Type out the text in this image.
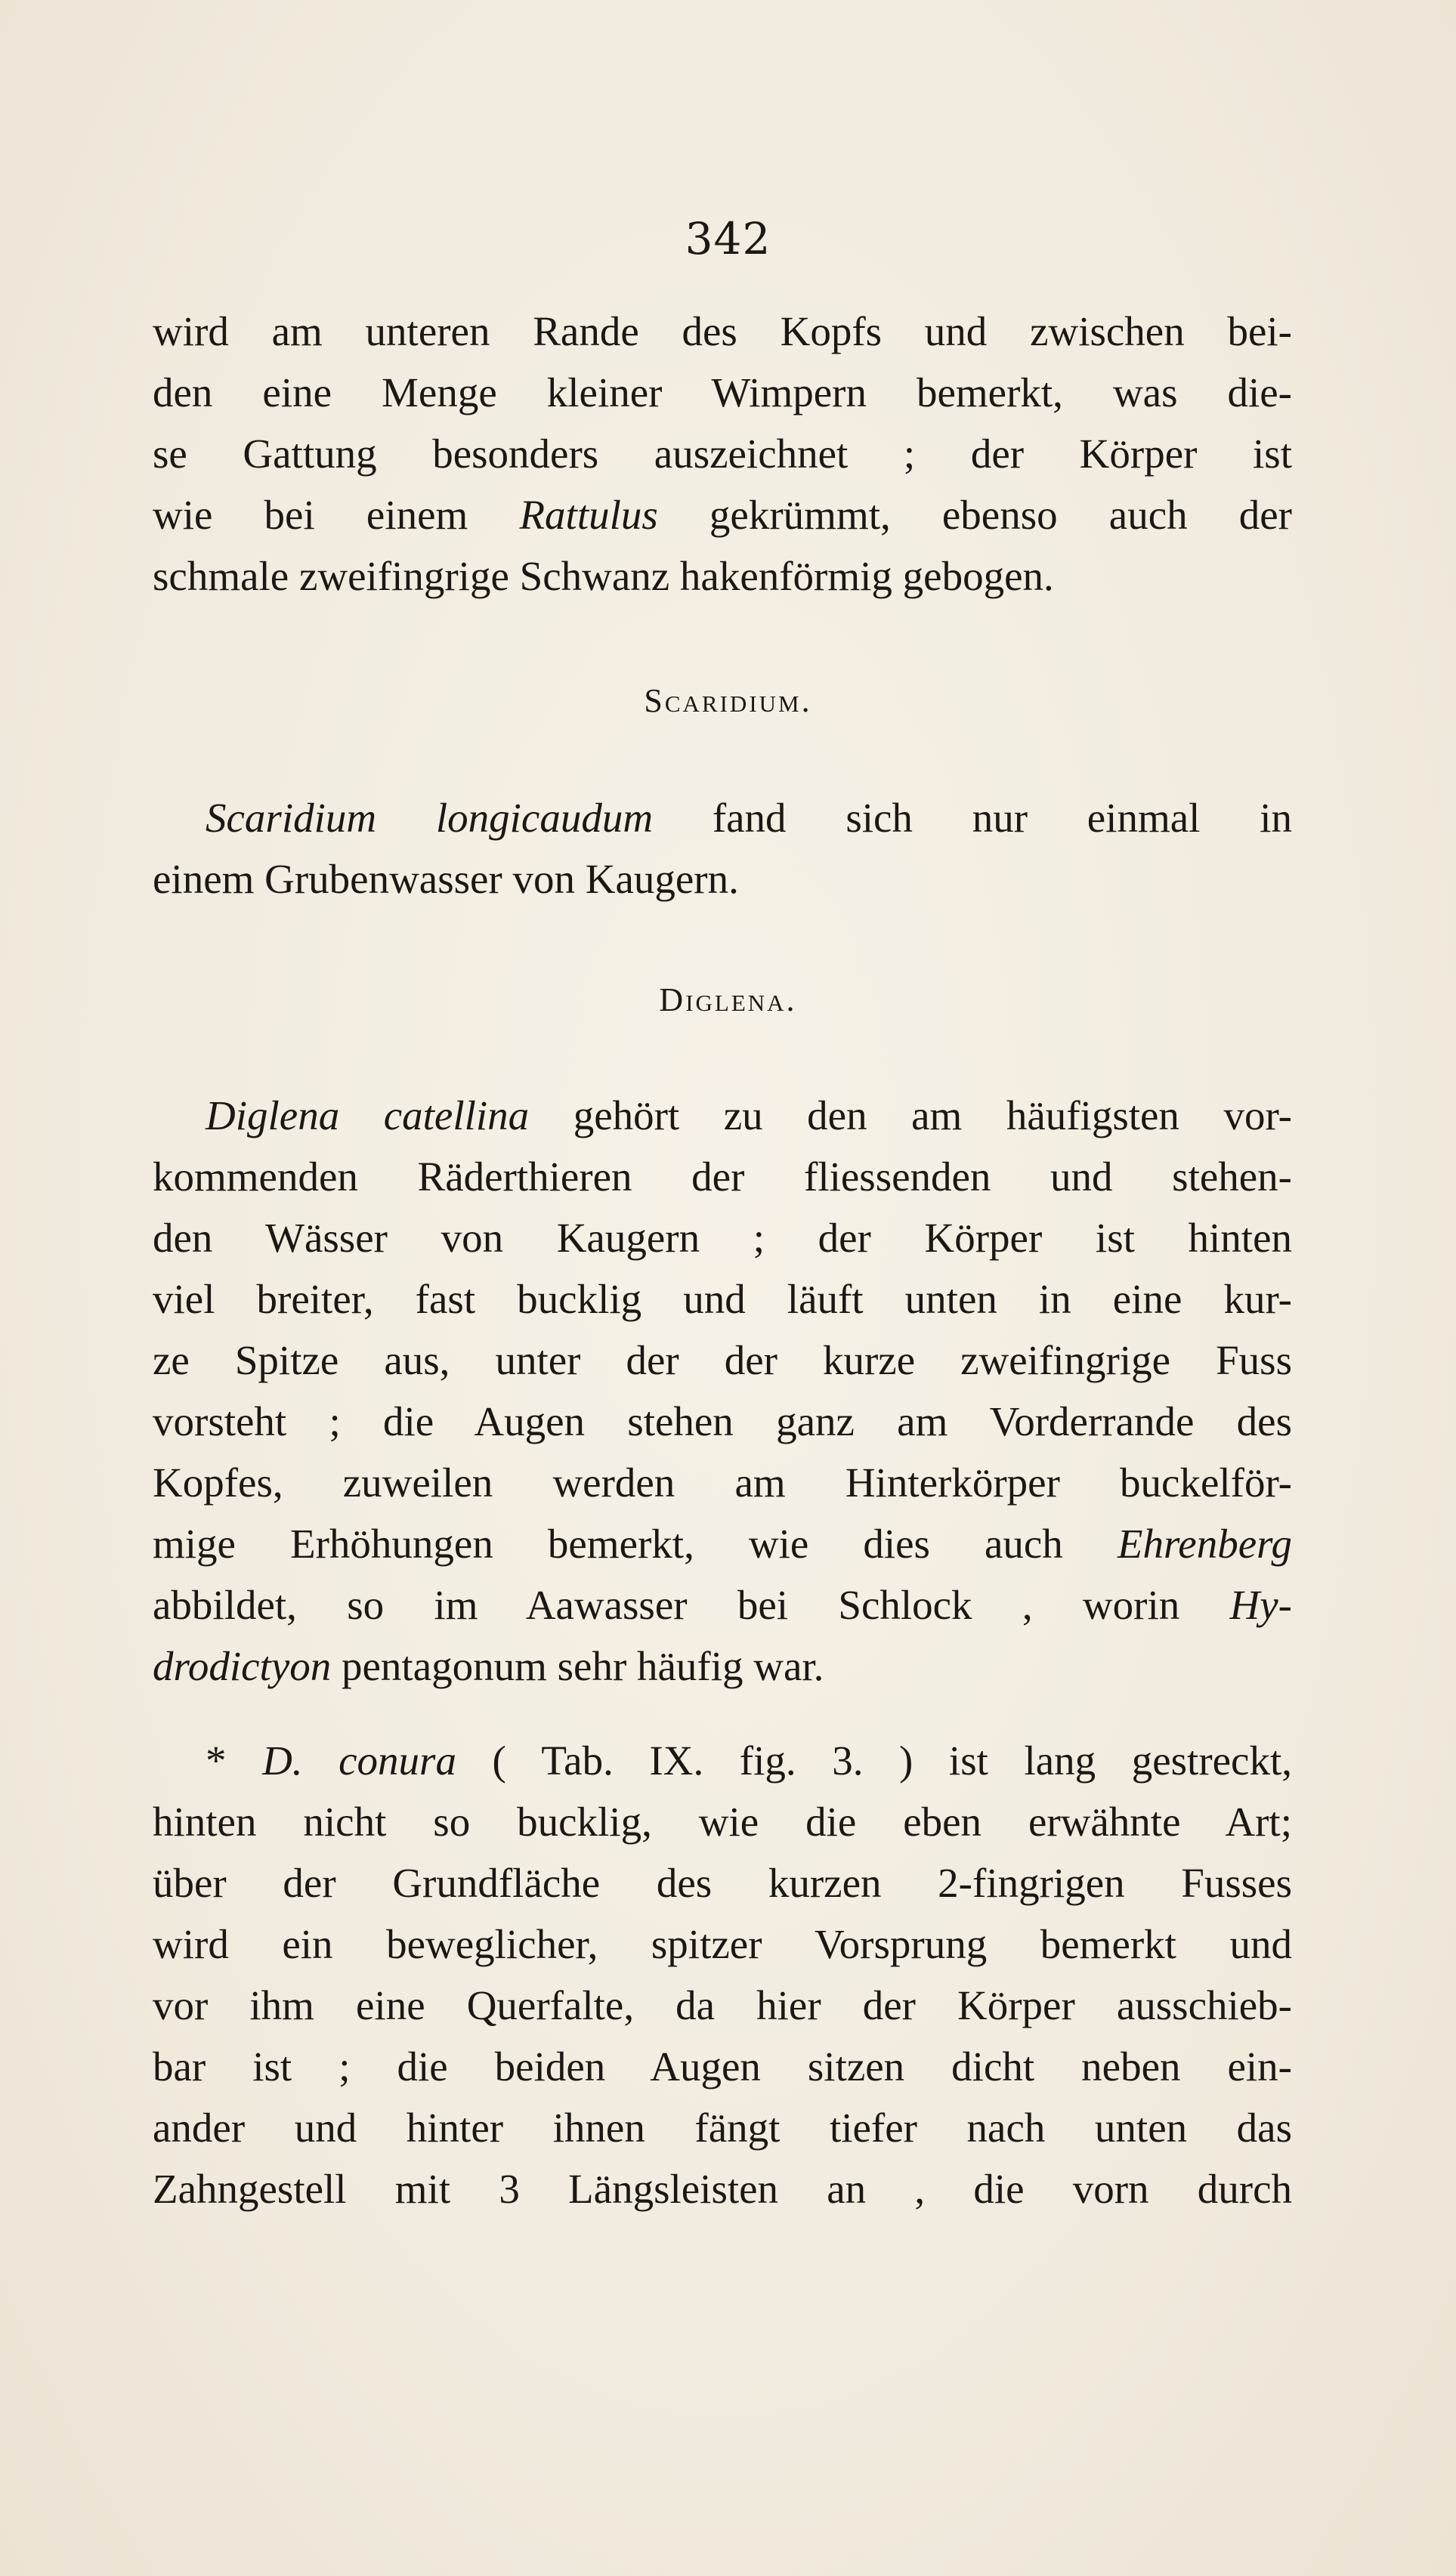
342
wird am unteren Rande des Kopfs und zwischen bei-
den eine Menge kleiner Wimpern bemerkt, was die-
se Gattung besonders auszeichnet ; der Körper ist
wie bei einem Rattulus gekrümmt, ebenso auch der
schmale zweifingrige Schwanz hakenförmig gebogen.
Scaridium.
Scaridium longicaudum fand sich nur einmal in
einem Grubenwasser von Kaugern.
Diglena.
Diglena catellina gehört zu den am häufigsten vor-
kommenden Räderthieren der fliessenden und stehen-
den Wässer von Kaugern ; der Körper ist hinten
viel breiter, fast bucklig und läuft unten in eine kur-
ze Spitze aus, unter der der kurze zweifingrige Fuss
vorsteht ; die Augen stehen ganz am Vorderrande des
Kopfes, zuweilen werden am Hinterkörper buckelför-
mige Erhöhungen bemerkt, wie dies auch Ehrenberg
abbildet, so im Aawasser bei Schlock , worin Hy-
drodictyon pentagonum sehr häufig war.
* D. conura ( Tab. IX. fig. 3. ) ist lang gestreckt,
hinten nicht so bucklig, wie die eben erwähnte Art;
über der Grundfläche des kurzen 2-fingrigen Fusses
wird ein beweglicher, spitzer Vorsprung bemerkt und
vor ihm eine Querfalte, da hier der Körper ausschieb-
bar ist ; die beiden Augen sitzen dicht neben ein-
ander und hinter ihnen fängt tiefer nach unten das
Zahngestell mit 3 Längsleisten an , die vorn durch
